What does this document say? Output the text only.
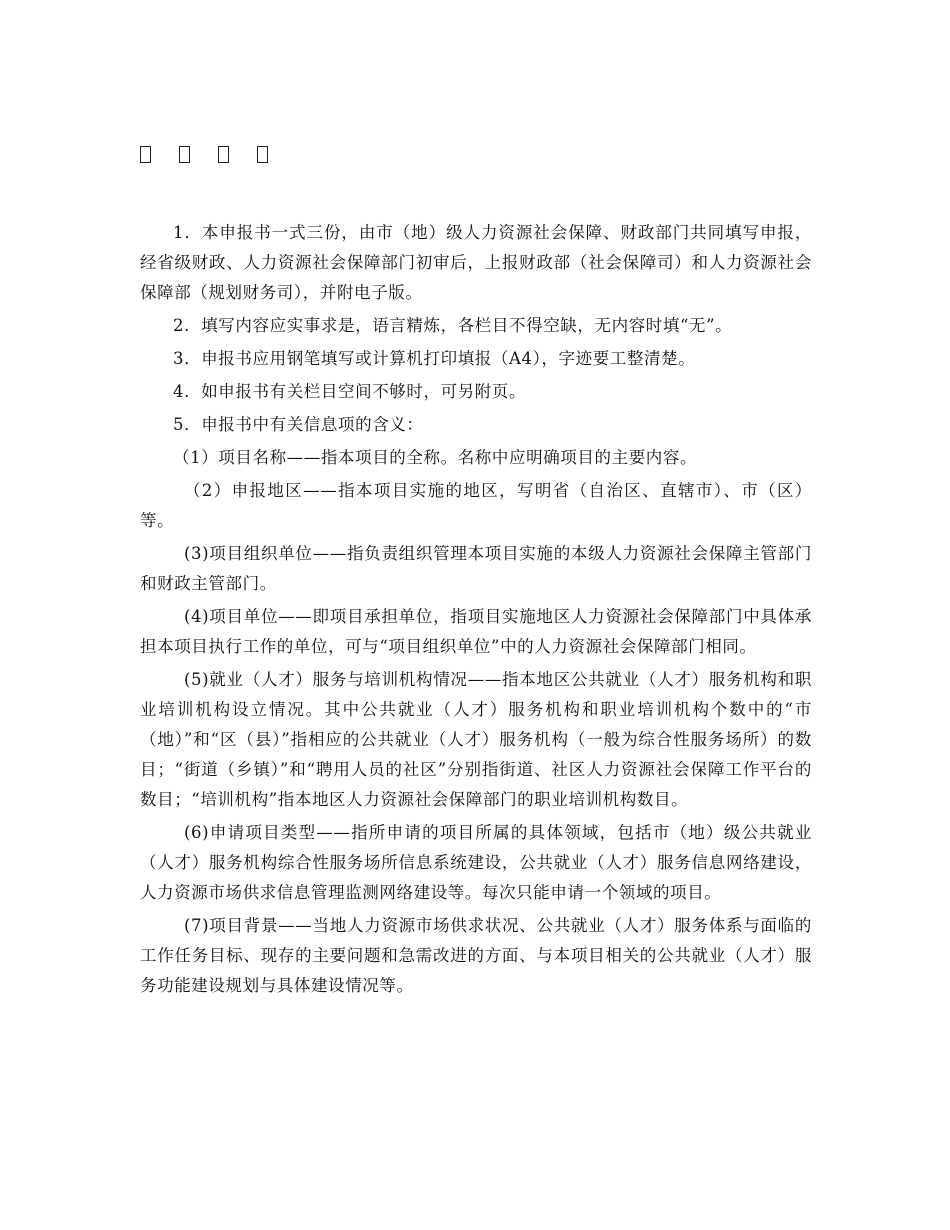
1．本申报书一式三份，由市（地）级人力资源社会保障、财政部门共同填写申报，经省级财政、人力资源社会保障部门初审后，上报财政部（社会保障司）和人力资源社会保障部（规划财务司），并附电子版。

2．填写内容应实事求是，语言精炼，各栏目不得空缺，无内容时填“无”。

3．申报书应用钢笔填写或计算机打印填报（A4），字迹要工整清楚。

4．如申报书有关栏目空间不够时，可另附页。

5．申报书中有关信息项的含义：

（1）项目名称——指本项目的全称。名称中应明确项目的主要内容。

（2）申报地区——指本项目实施的地区，写明省（自治区、直辖市）、市（区）等。

(3)项目组织单位——指负责组织管理本项目实施的本级人力资源社会保障主管部门和财政主管部门。

(4)项目单位——即项目承担单位，指项目实施地区人力资源社会保障部门中具体承担本项目执行工作的单位，可与“项目组织单位”中的人力资源社会保障部门相同。

(5)就业（人才）服务与培训机构情况——指本地区公共就业（人才）服务机构和职业培训机构设立情况。其中公共就业（人才）服务机构和职业培训机构个数中的“市（地）”和“区（县）”指相应的公共就业（人才）服务机构（一般为综合性服务场所）的数目；“街道（乡镇）”和“聘用人员的社区”分别指街道、社区人力资源社会保障工作平台的数目；“培训机构”指本地区人力资源社会保障部门的职业培训机构数目。

(6)申请项目类型——指所申请的项目所属的具体领域，包括市（地）级公共就业（人才）服务机构综合性服务场所信息系统建设，公共就业（人才）服务信息网络建设，人力资源市场供求信息管理监测网络建设等。每次只能申请一个领域的项目。

(7)项目背景——当地人力资源市场供求状况、公共就业（人才）服务体系与面临的工作任务目标、现存的主要问题和急需改进的方面、与本项目相关的公共就业（人才）服务功能建设规划与具体建设情况等。
